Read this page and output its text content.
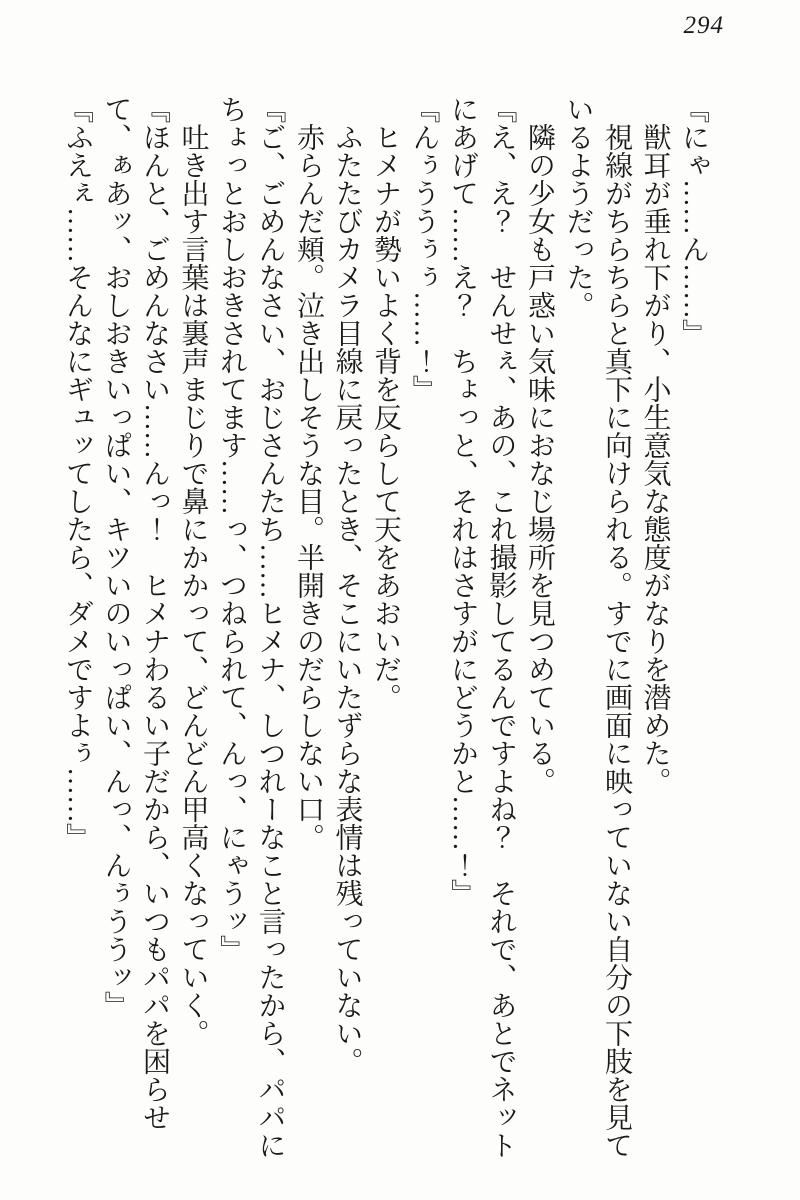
294

『にゃ……ん……』

獣耳が垂れ下がり、小生意気な態度がなりを潜めた。

視線がちらちらと真下に向けられる。すでに画面に映っていない自分の下肢を見ているようだった。

隣の少女も戸惑い気味におなじ場所を見つめている。

『え、え？　せんせぇ、あの、これ撮影してるんですよね？　それで、あとでネットにあげて……え？　ちょっと、それはさすがにどうかと……！』

『んぅううぅぅ……！』

ヒメナが勢いよく背を反らして天をあおいだ。

ふたたびカメラ目線に戻ったとき、そこにいたずらな表情は残っていない。

赤らんだ頬。泣き出しそうな目。半開きのだらしない口。

『ご、ごめんなさい、おじさんたち……ヒメナ、しつれーなこと言ったから、パパにちょっとおしおきされてます……っ、つねられて、んっ、にゃうッ』

吐き出す言葉は裏声まじりで鼻にかかって、どんどん甲高くなっていく。

『ほんと、ごめんなさい……んっ！　ヒメナわるい子だから、いつもパパを困らせて、ぁあッ、おしおきいっぱい、キツいのいっぱい、んっ、んぅううッ』

『ふえぇ……そんなにギュッてしたら、ダメですよぅ……』
